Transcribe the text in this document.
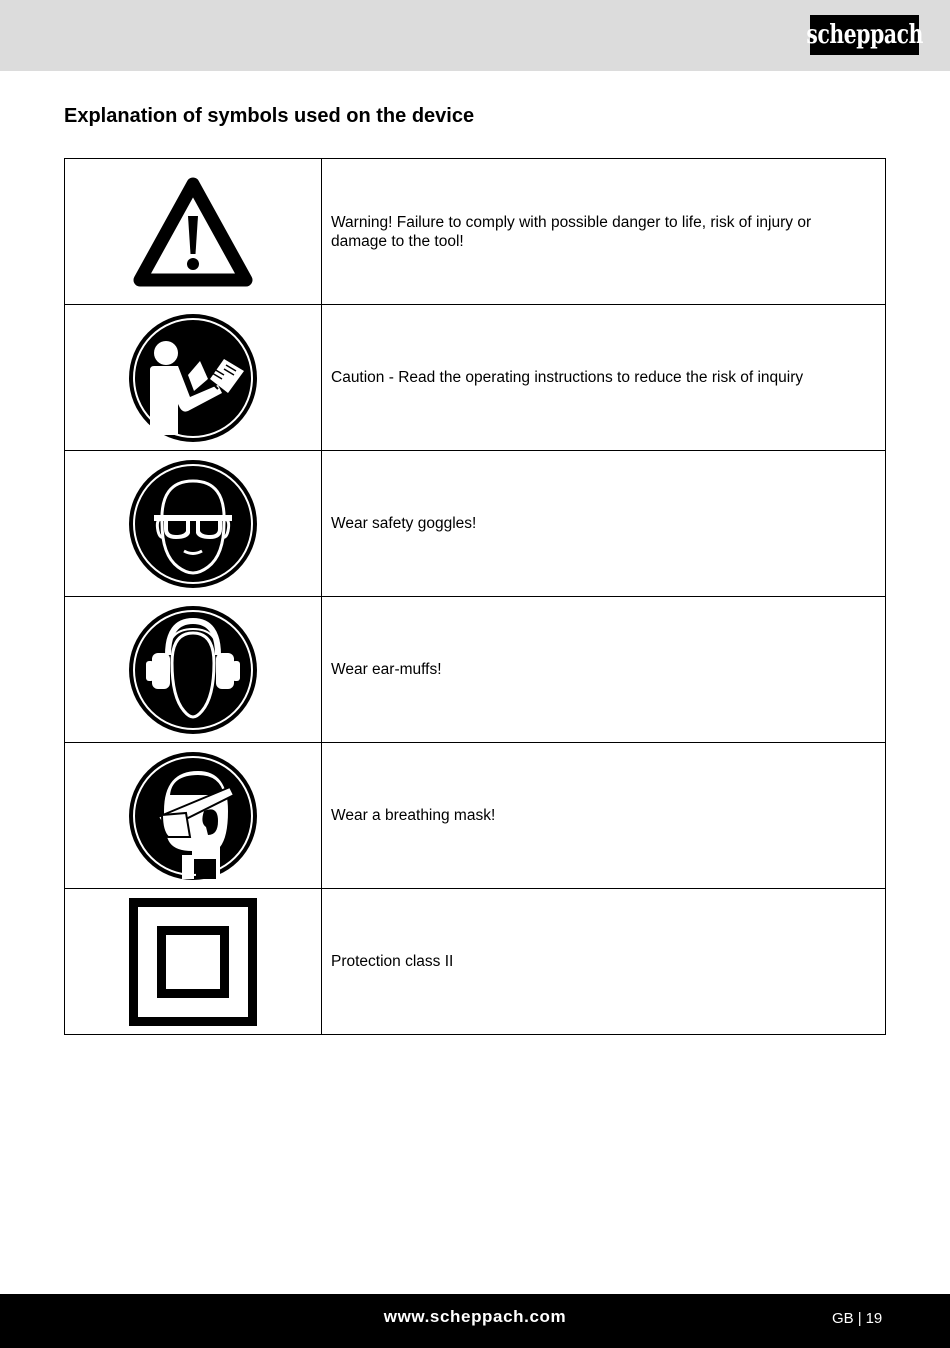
scheppach
Explanation of symbols used on the device
	Warning! Failure to comply with possible danger to life, risk of injury or damage to the tool!

	Caution - Read the operating instructions to reduce the risk of inquiry

	Wear safety goggles!

	Wear ear-muffs!

	Wear a breathing mask!

	Protection class II
www.scheppach.com	GB | 19
